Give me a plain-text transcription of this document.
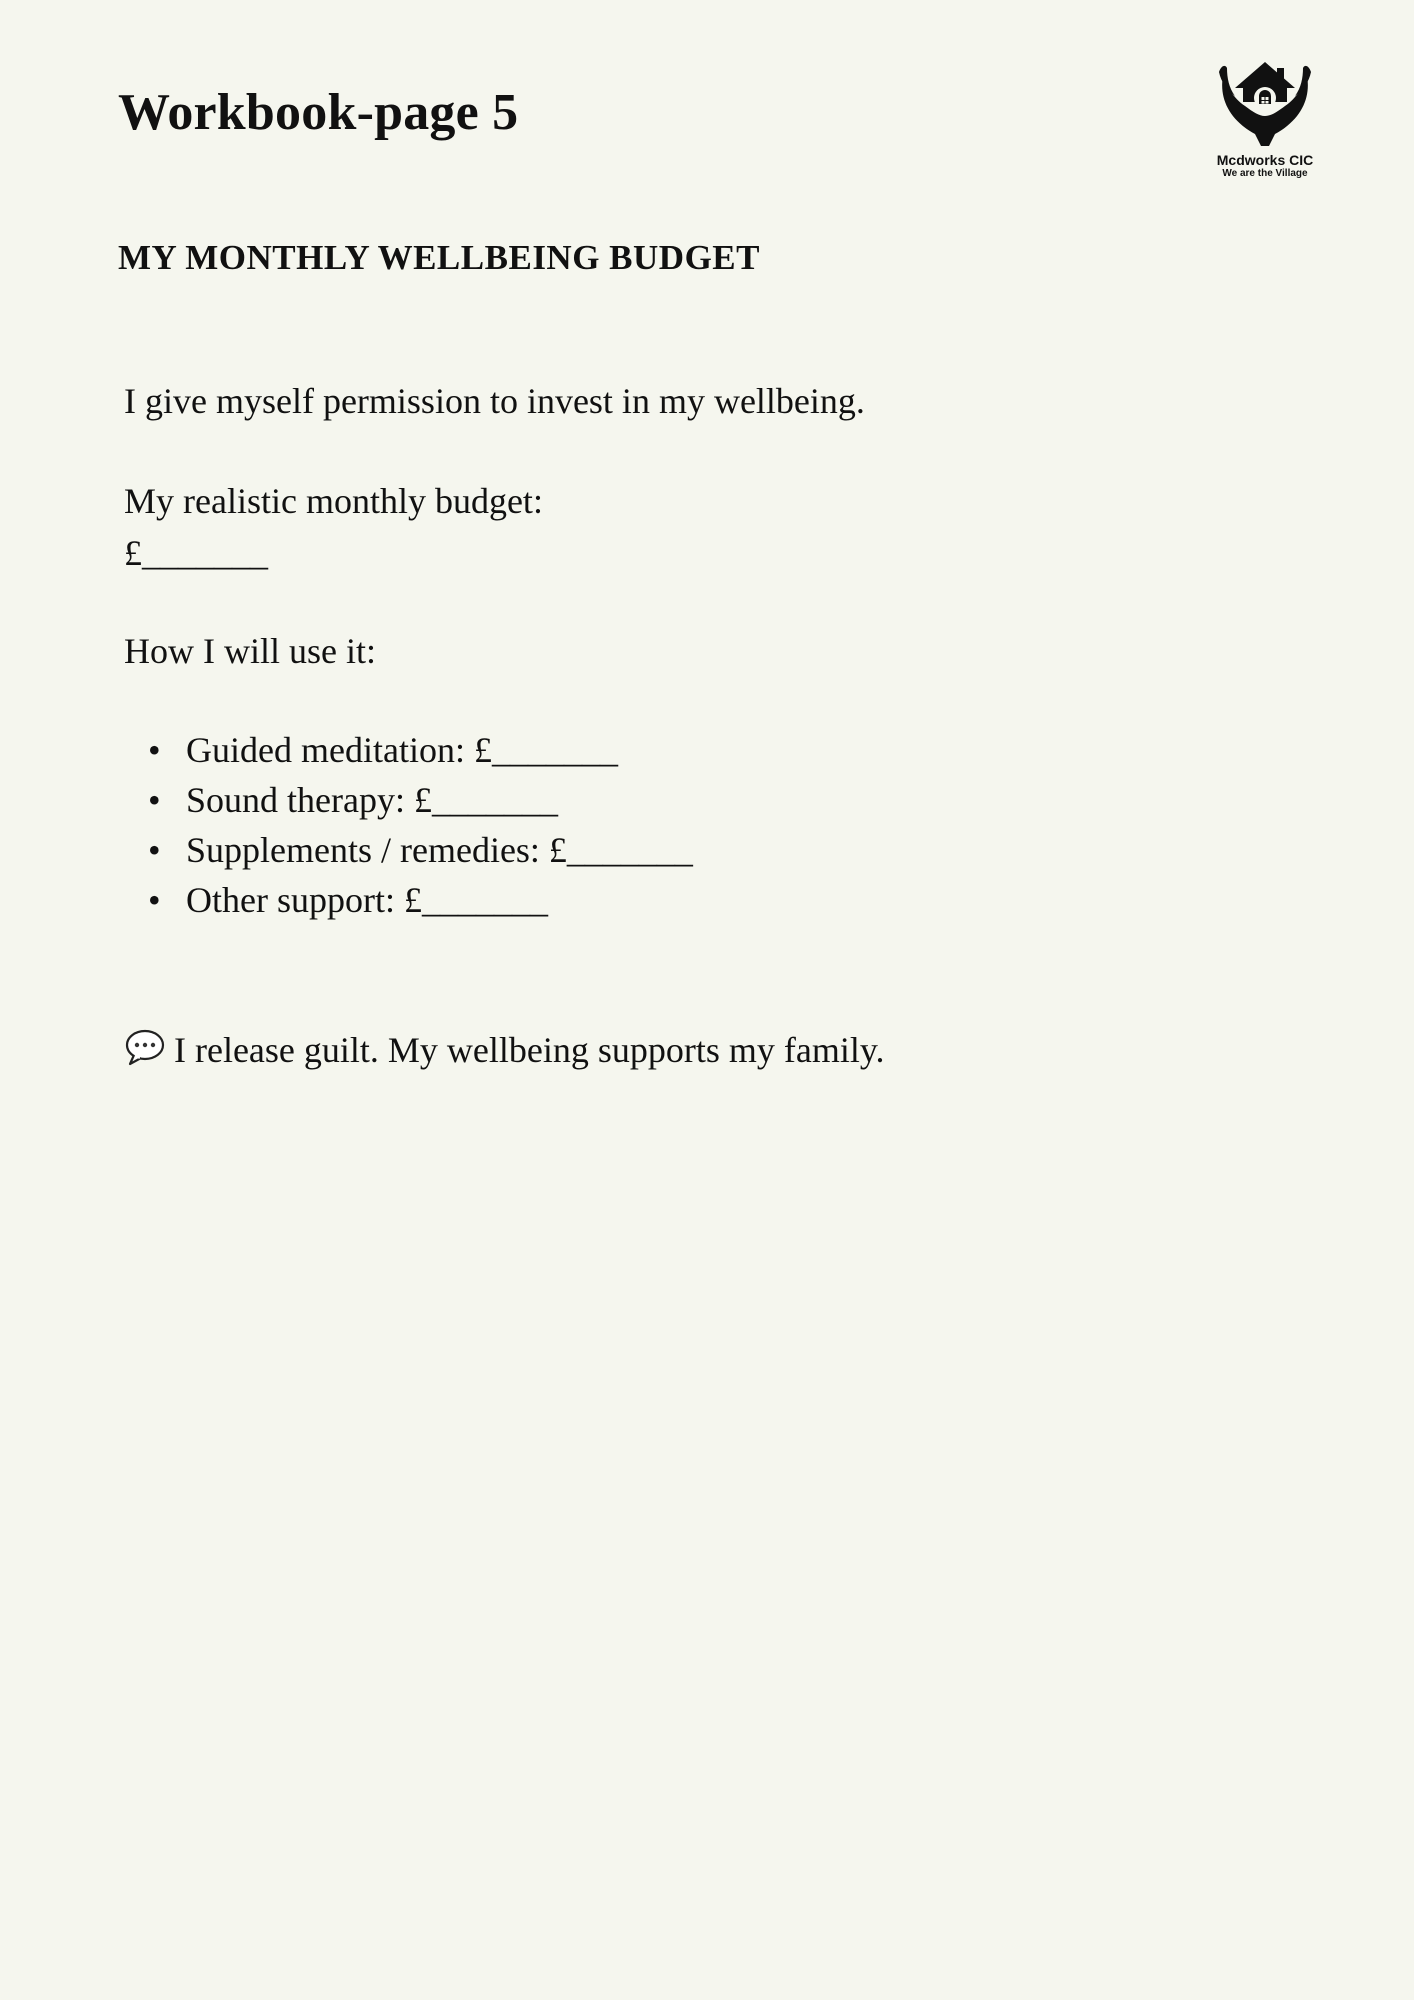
Workbook-page 5
Mcdworks CIC
We are the Village
MY MONTHLY WELLBEING BUDGET

I give myself permission to invest in my wellbeing.

My realistic monthly budget:

£_______

How I will use it:

• Guided meditation: £_______
• Sound therapy: £_______
• Supplements / remedies: £_______
• Other support: £_______

I release guilt. My wellbeing supports my family.
